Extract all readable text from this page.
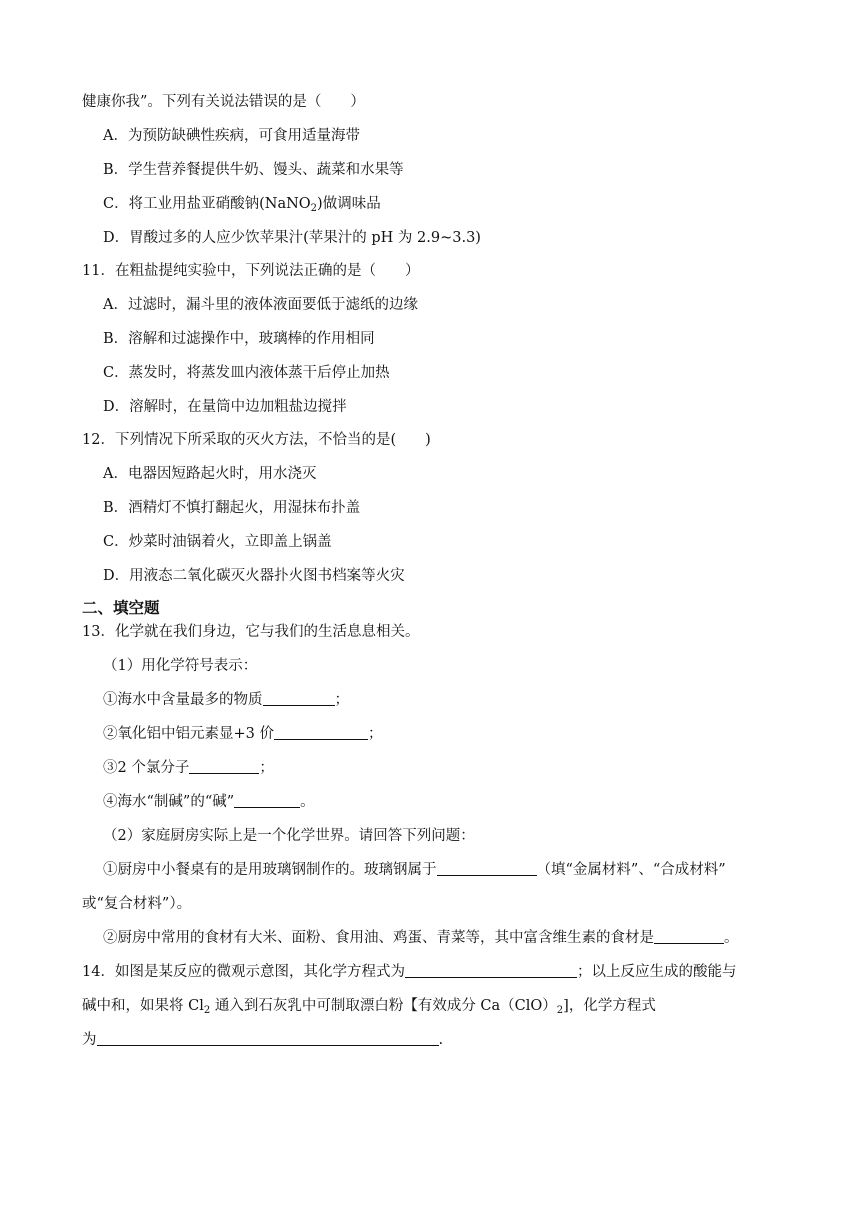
健康你我”。下列有关说法错误的是（　　）
A．为预防缺碘性疾病，可食用适量海带
B．学生营养餐提供牛奶、馒头、蔬菜和水果等
C．将工业用盐亚硝酸钠(NaNO$_2$)做调味品
D．胃酸过多的人应少饮苹果汁(苹果汁的 pH 为 2.9~3.3)
11．在粗盐提纯实验中，下列说法正确的是（　　）
A．过滤时，漏斗里的液体液面要低于滤纸的边缘
B．溶解和过滤操作中，玻璃棒的作用相同
C．蒸发时，将蒸发皿内液体蒸干后停止加热
D．溶解时，在量筒中边加粗盐边搅拌
12．下列情况下所采取的灭火方法，不恰当的是(　　)
A．电器因短路起火时，用水浇灭
B．酒精灯不慎打翻起火，用湿抹布扑盖
C．炒菜时油锅着火，立即盖上锅盖
D．用液态二氧化碳灭火器扑火图书档案等火灾
二、填空题
13．化学就在我们身边，它与我们的生活息息相关。
（1）用化学符号表示：
①海水中含量最多的物质	；
②氧化铝中铝元素显+3 价	；
③2 个氯分子	；
④海水“制碱”的“碱”	。
（2）家庭厨房实际上是一个化学世界。请回答下列问题：
①厨房中小餐桌有的是用玻璃钢制作的。玻璃钢属于	（填“金属材料”、“合成材料”
或“复合材料”）。
②厨房中常用的食材有大米、面粉、食用油、鸡蛋、青菜等，其中富含维生素的食材是	。
14．如图是某反应的微观示意图，其化学方程式为	；以上反应生成的酸能与
碱中和，如果将 $Cl_2$ 通入到石灰乳中可制取漂白粉【有效成分 $Ca(ClO)_2$]，化学方程式
为	.
